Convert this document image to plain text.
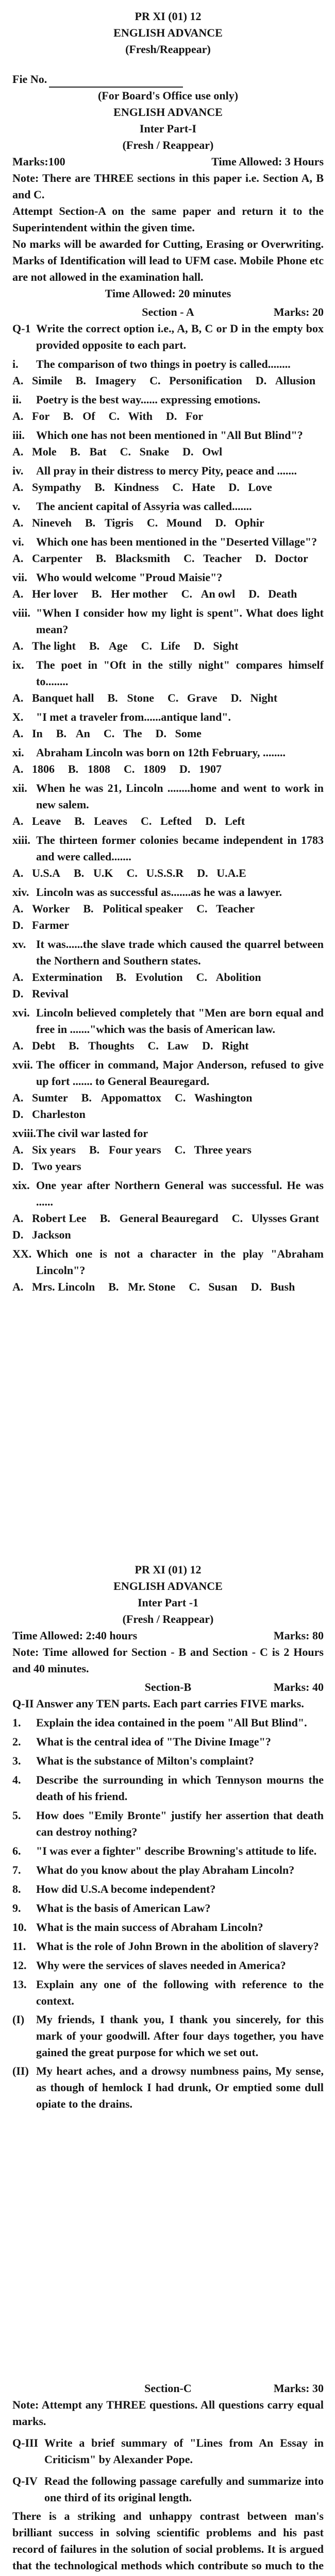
PR XI (01) 12
ENGLISH ADVANCE
(Fresh/Reappear)
Fie No.
(For Board's Office use only)
ENGLISH ADVANCE
Inter Part-I
(Fresh / Reappear)
Marks:100	Time Allowed: 3 Hours
Note: There are THREE sections in this paper i.e. Section A, B and C.
Attempt Section-A on the same paper and return it to the Superintendent within the given time.
No marks will be awarded for Cutting, Erasing or Overwriting. Marks of Identification will lead to UFM case. Mobile Phone etc are not allowed in the examination hall.
Time Allowed: 20 minutes
Section - A	Marks: 20
Q-1 Write the correct option i.e., A, B, C or D in the empty box provided opposite to each part.
i.	The comparison of two things in poetry is called........
A. Simile B. Imagery C. Personification D. Allusion
ii.	Poetry is the best way...... expressing emotions.
A. For B. Of C. With D. For
iii.	Which one has not been mentioned in "All But Blind"?
A. Mole B. Bat C. Snake D. Owl
iv.	All pray in their distress to mercy Pity, peace and .......
A. Sympathy B. Kindness C. Hate D. Love
v.	The ancient capital of Assyria was called.......
A. Nineveh B. Tigris C. Mound D. Ophir
vi.	Which one has been mentioned in the "Deserted Village"?
A. Carpenter B. Blacksmith C. Teacher D. Doctor
vii. Who would welcome "Proud Maisie"?
A. Her lover B. Her mother C. An owl D. Death
viii. "When I consider how my light is spent". What does light mean?
A. The light B. Age C. Life D. Sight
ix.	The poet in "Oft in the stilly night" compares himself to........
A. Banquet hall B. Stone C. Grave D. Night
X.	"I met a traveler from......antique land".
A. In B. An C. The D. Some
xi.	Abraham Lincoln was born on 12th February, ........
A. 1806 B. 1808 C. 1809 D. 1907
xii. When he was 21, Lincoln ........home and went to work in new salem.
A. Leave B. Leaves C. Lefted D. Left
xiii. The thirteen former colonies became independent in 1783 and were called.......
A. U.S.A B. U.K C. U.S.S.R D. U.A.E
xiv. Lincoln was as successful as.......as he was a lawyer.
A. Worker B. Political speaker C. Teacher
D. Farmer
xv. It was......the slave trade which caused the quarrel between the Northern and Southern states.
A. Extermination B. Evolution C. Abolition
D. Revival
xvi. Lincoln believed completely that "Men are born equal and free in ......."which was the basis of American law.
A. Debt B. Thoughts C. Law D. Right
xvii. The officer in command, Major Anderson, refused to give up fort ....... to General Beauregard.
A. Sumter B. Appomattox C. Washington
D. Charleston
xviii. The civil war lasted for
A. Six years B. Four years C. Three years
D. Two years
xix. One year after Northern General was successful. He was ......
A. Robert Lee B. General Beauregard C. Ulysses Grant
D. Jackson
XX. Which one is not a character in the play "Abraham Lincoln"?
A. Mrs. Lincoln B. Mr. Stone C. Susan D. Bush
PR XI (01) 12
ENGLISH ADVANCE
Inter Part -1
(Fresh / Reappear)
Time Allowed: 2:40 hours	Marks: 80
Note: Time allowed for Section - B and Section - C is 2 Hours and 40 minutes.
Section-B	Marks: 40
Q-II Answer any TEN parts. Each part carries FIVE marks.
1.	Explain the idea contained in the poem "All But Blind".
2.	What is the central idea of "The Divine Image"?
3.	What is the substance of Milton's complaint?
4.	Describe the surrounding in which Tennyson mourns the death of his friend.
5.	How does "Emily Bronte" justify her assertion that death can destroy nothing?
6.	"I was ever a fighter" describe Browning's attitude to life.
7.	What do you know about the play Abraham Lincoln?
8.	How did U.S.A become independent?
9.	What is the basis of American Law?
10. What is the main success of Abraham Lincoln?
11. What is the role of John Brown in the abolition of slavery?
12. Why were the services of slaves needed in America?
13. Explain any one of the following with reference to the context.
(I)	My friends, I thank you, I thank you sincerely, for this mark of your goodwill. After four days together, you have gained the great purpose for which we set out.
(II) My heart aches, and a drowsy numbness pains, My sense, as though of hemlock I had drunk, Or emptied some dull opiate to the drains.
Section-C	Marks: 30
Note: Attempt any THREE questions. All questions carry equal marks.
Q-III Write a brief summary of "Lines from An Essay in Criticism" by Alexander Pope.
Q-IV Read the following passage carefully and summarize into one third of its original length.
There is a striking and unhappy contrast between man's brilliant success in solving scientific problems and his past record of failures in the solution of social problems. It is argued that the technological methods which contribute so much to the
